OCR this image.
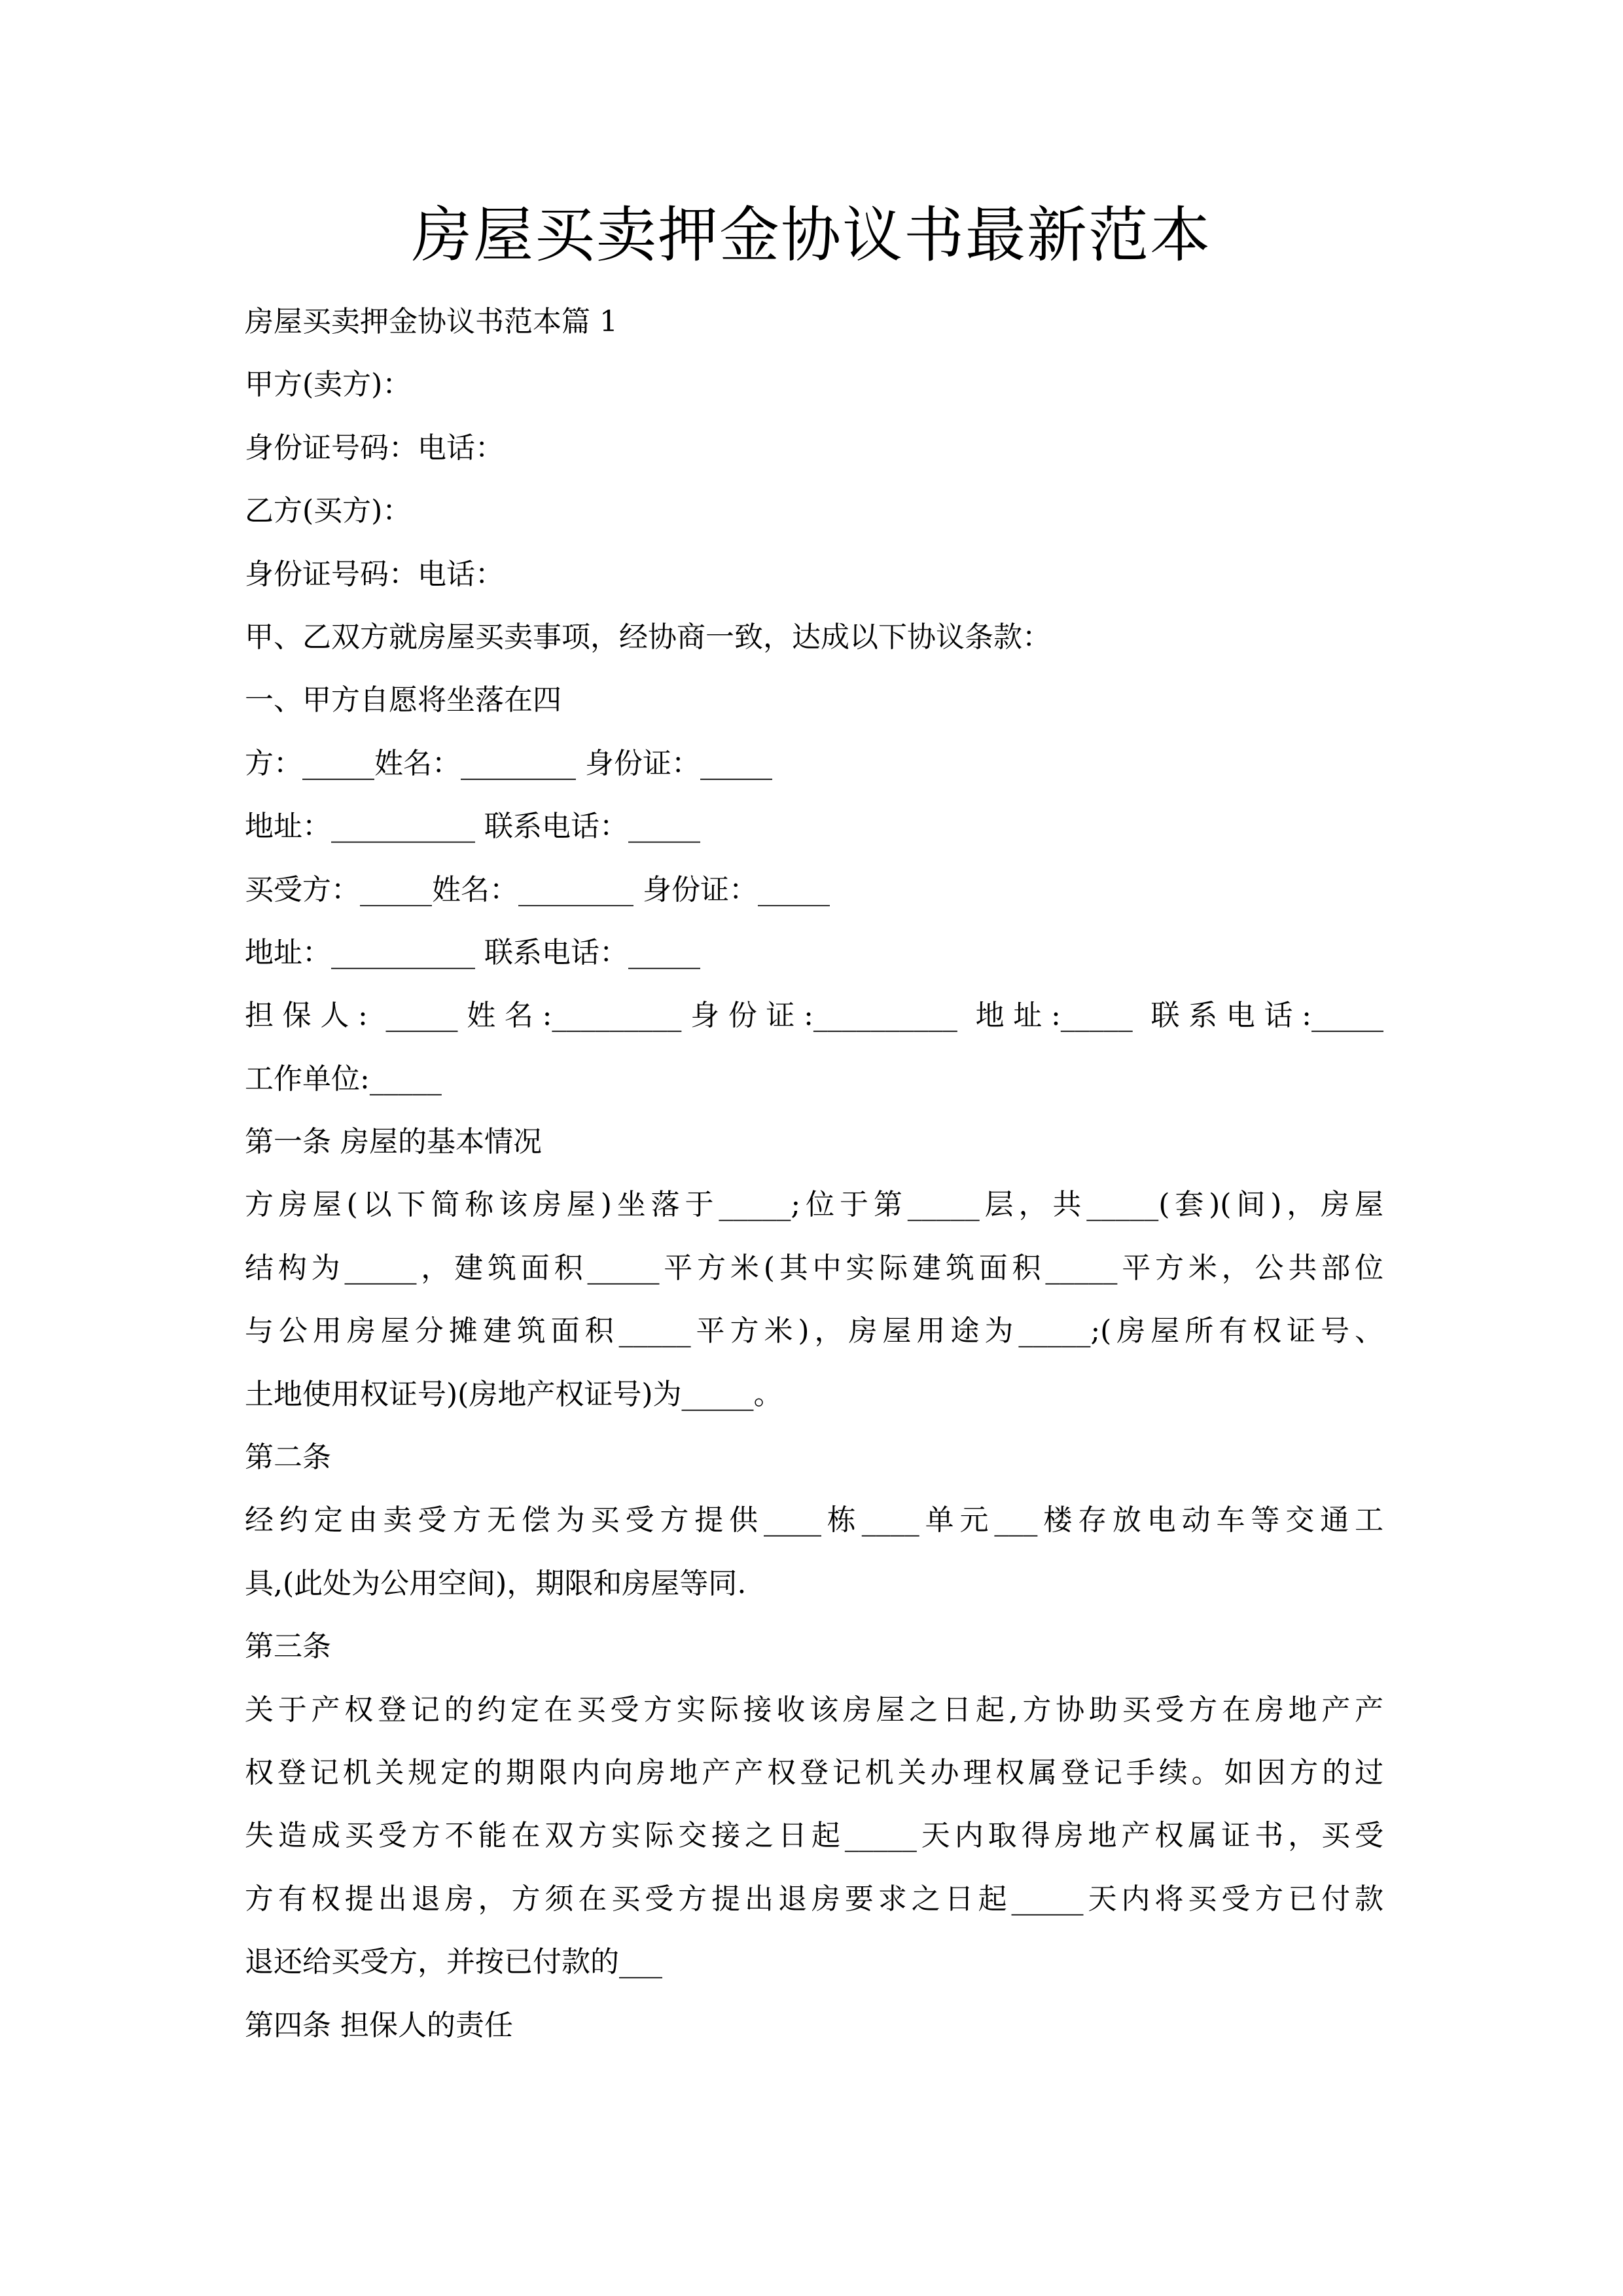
房屋买卖押金协议书最新范本
房屋买卖押金协议书范本篇 1
甲方(卖方)：
身份证号码：电话：
乙方(买方)：
身份证号码：电话：
甲、乙双方就房屋买卖事项，经协商一致，达成以下协议条款：
一、甲方自愿将坐落在四
方：_____姓名：________ 身份证：_____
地址：__________ 联系电话：_____
买受方：_____姓名：________ 身份证：_____
地址：__________ 联系电话：_____
担保人: _____姓名:_________身份证:__________ 地址:_____ 联系电话:_____
工作单位:_____
第一条 房屋的基本情况
方房屋(以下简称该房屋)坐落于_____;位于第_____层，共_____(套)(间)，房屋
结构为_____，建筑面积_____平方米(其中实际建筑面积_____平方米，公共部位
与公用房屋分摊建筑面积_____平方米)，房屋用途为_____;(房屋所有权证号、
土地使用权证号)(房地产权证号)为_____。
第二条
经约定由卖受方无偿为买受方提供____栋____单元___楼存放电动车等交通工
具,(此处为公用空间)，期限和房屋等同.
第三条
关于产权登记的约定在买受方实际接收该房屋之日起,方协助买受方在房地产产
权登记机关规定的期限内向房地产产权登记机关办理权属登记手续。如因方的过
失造成买受方不能在双方实际交接之日起_____天内取得房地产权属证书，买受
方有权提出退房，方须在买受方提出退房要求之日起_____天内将买受方已付款
退还给买受方，并按已付款的___
第四条 担保人的责任
